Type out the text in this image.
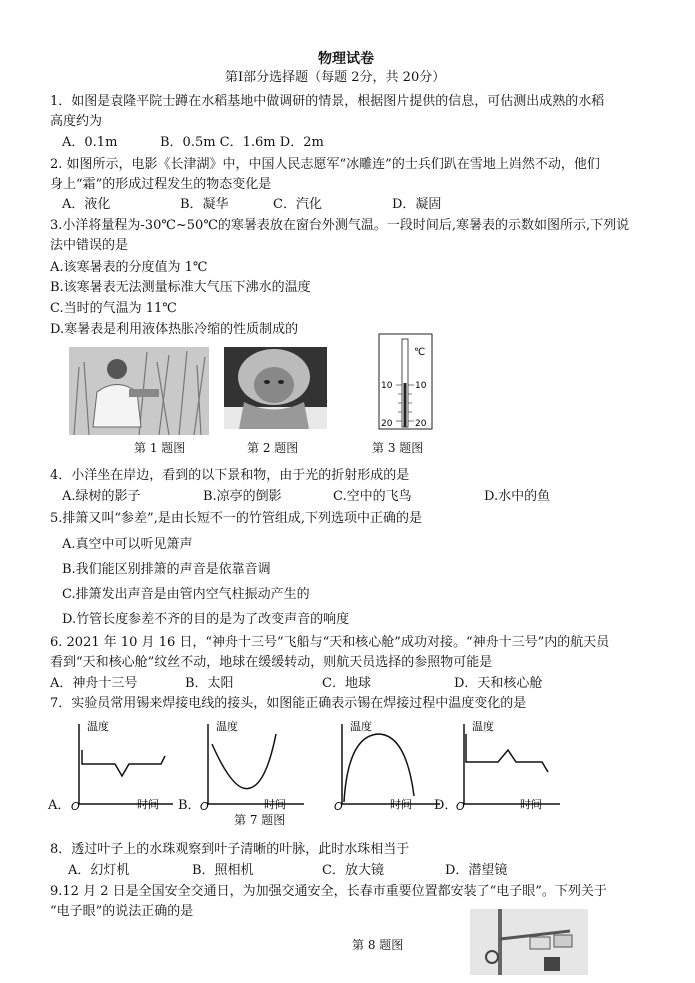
物理试卷
第Ⅰ部分选择题（每题 2分，共 20分）
1．如图是袁隆平院士蹲在水稻基地中做调研的情景，根据图片提供的信息，可估测出成熟的水稻
高度约为
A．0.1m	B．0.5m C．1.6m D．2m
2. 如图所示，电影《长津湖》中，中国人民志愿军“冰雕连”的士兵们趴在雪地上岿然不动，他们
身上“霜”的形成过程发生的物态变化是
A．液化	B．凝华	C．汽化	D．凝固
3.小洋将量程为-30℃~50℃的寒暑表放在窗台外测气温。一段时间后,寒暑表的示数如图所示,下列说
法中错误的是
A.该寒暑表的分度值为 1℃
B.该寒暑表无法测量标准大气压下沸水的温度
C.当时的气温为 11℃
D.寒暑表是利用液体热胀冷缩的性质制成的
℃
10	10
20	20
第 1 题图	第 2 题图	第 3 题图
4．小洋坐在岸边，看到的以下景和物，由于光的折射形成的是
A.绿树的影子	B.凉亭的倒影	C.空中的飞鸟	D.水中的鱼
5.排箫又叫“参差”,是由长短不一的竹管组成,下列选项中正确的是
A.真空中可以听见箫声
B.我们能区别排箫的声音是依靠音调
C.排箫发出声音是由管内空气柱振动产生的
D.竹管长度参差不齐的目的是为了改变声音的响度
6. 2021 年 10 月 16 日，“神舟十三号”飞船与“天和核心舱”成功对接。“神舟十三号”内的航天员
看到“天和核心舱”纹丝不动，地球在缓缓转动，则航天员选择的参照物可能是
A．神舟十三号	B．太阳	C．地球	D．天和核心舱
7．实验员常用锡来焊接电线的接头，如图能正确表示锡在焊接过程中温度变化的是
温度
O	时间
A．
温度
O	时间
B．
温度
O	时间
温度
O	时间
D．
第 7 题图
8．透过叶子上的水珠观察到叶子清晰的叶脉，此时水珠相当于
A．幻灯机	B．照相机	C．放大镜	D．潜望镜
9.12 月 2 日是全国安全交通日，为加强交通安全，长春市重要位置都安装了“电子眼”。下列关于
“电子眼”的说法正确的是
第 8 题图
